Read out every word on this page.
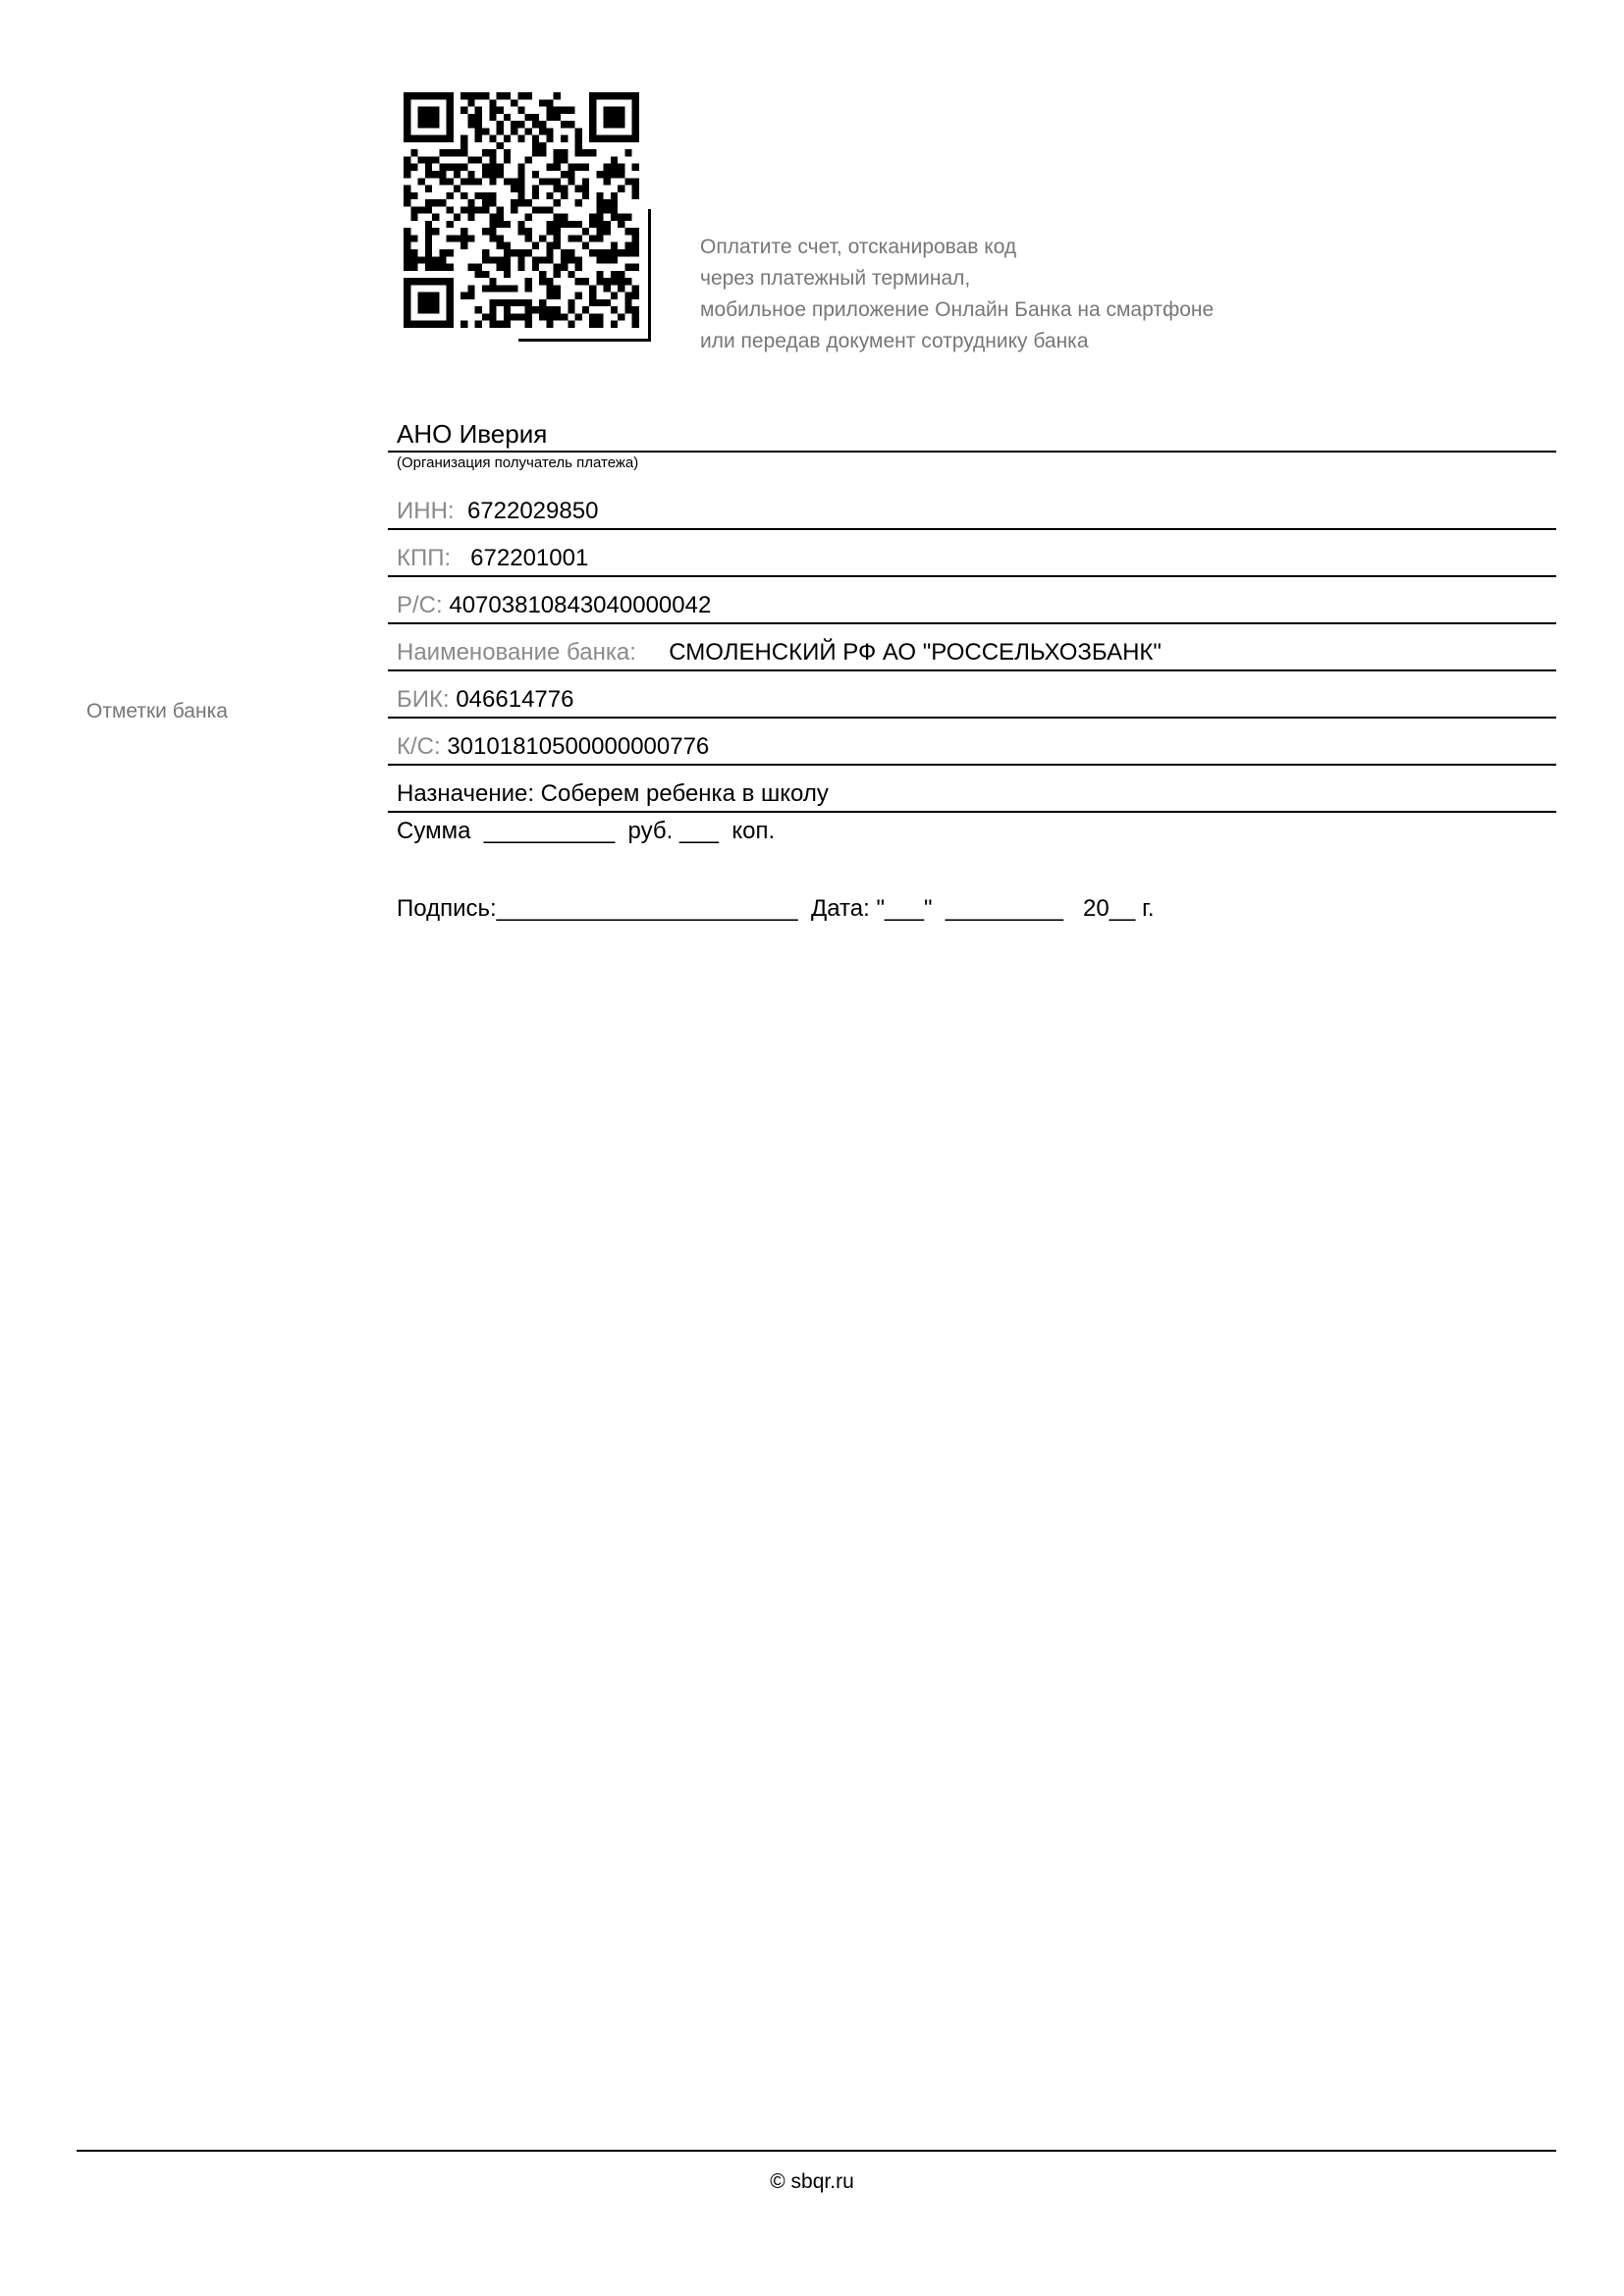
Оплатите счет, отсканировав код
через платежный терминал,
мобильное приложение Онлайн Банка на смартфоне
или передав документ сотруднику банка
Отметки банка
АНО Иверия
(Организация получатель платежа)
ИНН: 6722029850
КПП: 672201001
Р/С: 40703810843040000042
Наименование банка: СМОЛЕНСКИЙ РФ АО "РОССЕЛЬХОЗБАНК"
БИК: 046614776
К/С: 30101810500000000776
Назначение: Соберем ребенка в школу
Сумма  __________  руб. ___  коп.
Подпись:_______________________  Дата: "___"  _________   20__ г.
© sbqr.ru
